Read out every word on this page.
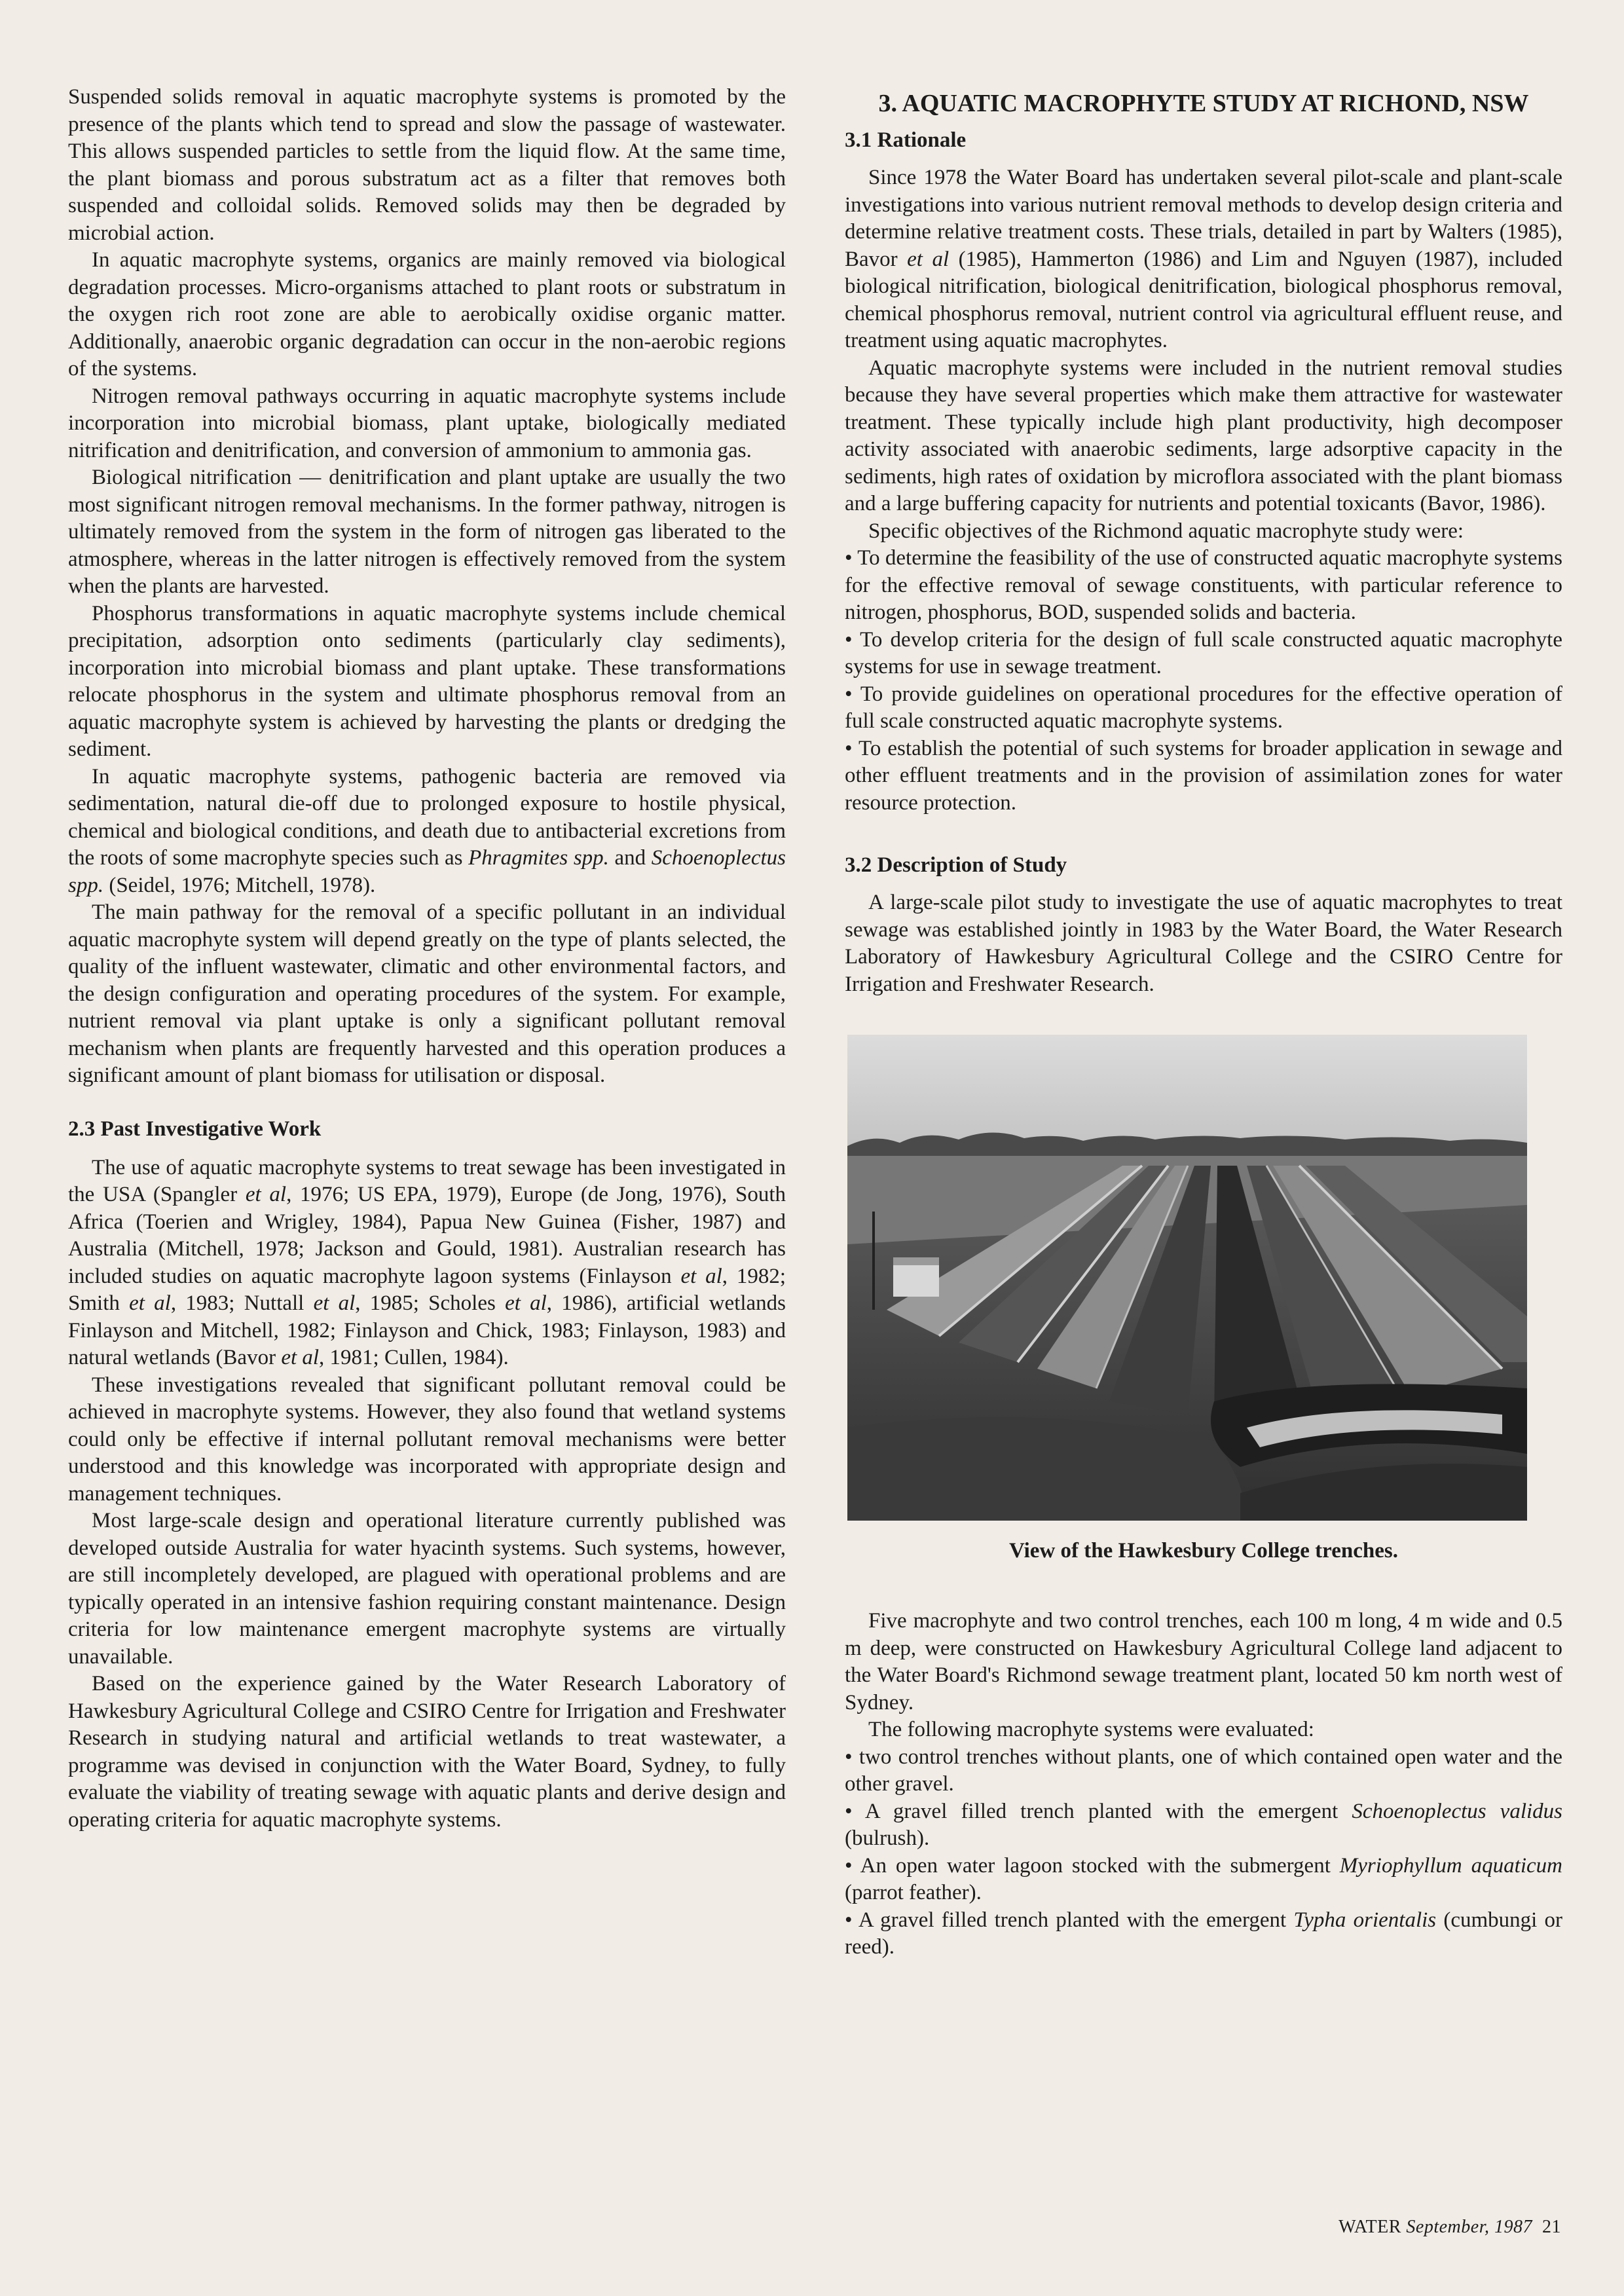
Suspended solids removal in aquatic macrophyte systems is promoted by the presence of the plants which tend to spread and slow the passage of wastewater. This allows suspended particles to settle from the liquid flow. At the same time, the plant biomass and porous substratum act as a filter that removes both suspended and colloidal solids. Removed solids may then be degraded by microbial action.

In aquatic macrophyte systems, organics are mainly removed via biological degradation processes. Micro-organisms attached to plant roots or substratum in the oxygen rich root zone are able to aerobically oxidise organic matter. Additionally, anaerobic organic degradation can occur in the non-aerobic regions of the systems.

Nitrogen removal pathways occurring in aquatic macrophyte systems include incorporation into microbial biomass, plant uptake, biologically mediated nitrification and denitrification, and conversion of ammonium to ammonia gas.

Biological nitrification — denitrification and plant uptake are usually the two most significant nitrogen removal mechanisms. In the former pathway, nitrogen is ultimately removed from the system in the form of nitrogen gas liberated to the atmosphere, whereas in the latter nitrogen is effectively removed from the system when the plants are harvested.

Phosphorus transformations in aquatic macrophyte systems include chemical precipitation, adsorption onto sediments (particularly clay sediments), incorporation into microbial biomass and plant uptake. These transformations relocate phosphorus in the system and ultimate phosphorus removal from an aquatic macrophyte system is achieved by harvesting the plants or dredging the sediment.

In aquatic macrophyte systems, pathogenic bacteria are removed via sedimentation, natural die-off due to prolonged exposure to hostile physical, chemical and biological conditions, and death due to antibacterial excretions from the roots of some macrophyte species such as Phragmites spp. and Schoenoplectus spp. (Seidel, 1976; Mitchell, 1978).

The main pathway for the removal of a specific pollutant in an individual aquatic macrophyte system will depend greatly on the type of plants selected, the quality of the influent wastewater, climatic and other environmental factors, and the design configuration and operating procedures of the system. For example, nutrient removal via plant uptake is only a significant pollutant removal mechanism when plants are frequently harvested and this operation produces a significant amount of plant biomass for utilisation or disposal.

2.3 Past Investigative Work

The use of aquatic macrophyte systems to treat sewage has been investigated in the USA (Spangler et al, 1976; US EPA, 1979), Europe (de Jong, 1976), South Africa (Toerien and Wrigley, 1984), Papua New Guinea (Fisher, 1987) and Australia (Mitchell, 1978; Jackson and Gould, 1981). Australian research has included studies on aquatic macrophyte lagoon systems (Finlayson et al, 1982; Smith et al, 1983; Nuttall et al, 1985; Scholes et al, 1986), artificial wetlands Finlayson and Mitchell, 1982; Finlayson and Chick, 1983; Finlayson, 1983) and natural wetlands (Bavor et al, 1981; Cullen, 1984).

These investigations revealed that significant pollutant removal could be achieved in macrophyte systems. However, they also found that wetland systems could only be effective if internal pollutant removal mechanisms were better understood and this knowledge was incorporated with appropriate design and management techniques.

Most large-scale design and operational literature currently published was developed outside Australia for water hyacinth systems. Such systems, however, are still incompletely developed, are plagued with operational problems and are typically operated in an intensive fashion requiring constant maintenance. Design criteria for low maintenance emergent macrophyte systems are virtually unavailable.

Based on the experience gained by the Water Research Laboratory of Hawkesbury Agricultural College and CSIRO Centre for Irrigation and Freshwater Research in studying natural and artificial wetlands to treat wastewater, a programme was devised in conjunction with the Water Board, Sydney, to fully evaluate the viability of treating sewage with aquatic plants and derive design and operating criteria for aquatic macrophyte systems.

3. AQUATIC MACROPHYTE STUDY AT RICHOND, NSW
3.1 Rationale

Since 1978 the Water Board has undertaken several pilot-scale and plant-scale investigations into various nutrient removal methods to develop design criteria and determine relative treatment costs. These trials, detailed in part by Walters (1985), Bavor et al (1985), Hammerton (1986) and Lim and Nguyen (1987), included biological nitrification, biological denitrification, biological phosphorus removal, chemical phosphorus removal, nutrient control via agricultural effluent reuse, and treatment using aquatic macrophytes.

Aquatic macrophyte systems were included in the nutrient removal studies because they have several properties which make them attractive for wastewater treatment. These typically include high plant productivity, high decomposer activity associated with anaerobic sediments, large adsorptive capacity in the sediments, high rates of oxidation by microflora associated with the plant biomass and a large buffering capacity for nutrients and potential toxicants (Bavor, 1986).

Specific objectives of the Richmond aquatic macrophyte study were:

• To determine the feasibility of the use of constructed aquatic macrophyte systems for the effective removal of sewage constituents, with particular reference to nitrogen, phosphorus, BOD, suspended solids and bacteria.

• To develop criteria for the design of full scale constructed aquatic macrophyte systems for use in sewage treatment.

• To provide guidelines on operational procedures for the effective operation of full scale constructed aquatic macrophyte systems.

• To establish the potential of such systems for broader application in sewage and other effluent treatments and in the provision of assimilation zones for water resource protection.

3.2 Description of Study

A large-scale pilot study to investigate the use of aquatic macrophytes to treat sewage was established jointly in 1983 by the Water Board, the Water Research Laboratory of Hawkesbury Agricultural College and the CSIRO Centre for Irrigation and Freshwater Research.

View of the Hawkesbury College trenches.

Five macrophyte and two control trenches, each 100 m long, 4 m wide and 0.5 m deep, were constructed on Hawkesbury Agricultural College land adjacent to the Water Board's Richmond sewage treatment plant, located 50 km north west of Sydney.

The following macrophyte systems were evaluated:

• two control trenches without plants, one of which contained open water and the other gravel.

• A gravel filled trench planted with the emergent Schoenoplectus validus (bulrush).

• An open water lagoon stocked with the submergent Myriophyllum aquaticum (parrot feather).

• A gravel filled trench planted with the emergent Typha orientalis (cumbungi or reed).

WATER September, 1987 21
